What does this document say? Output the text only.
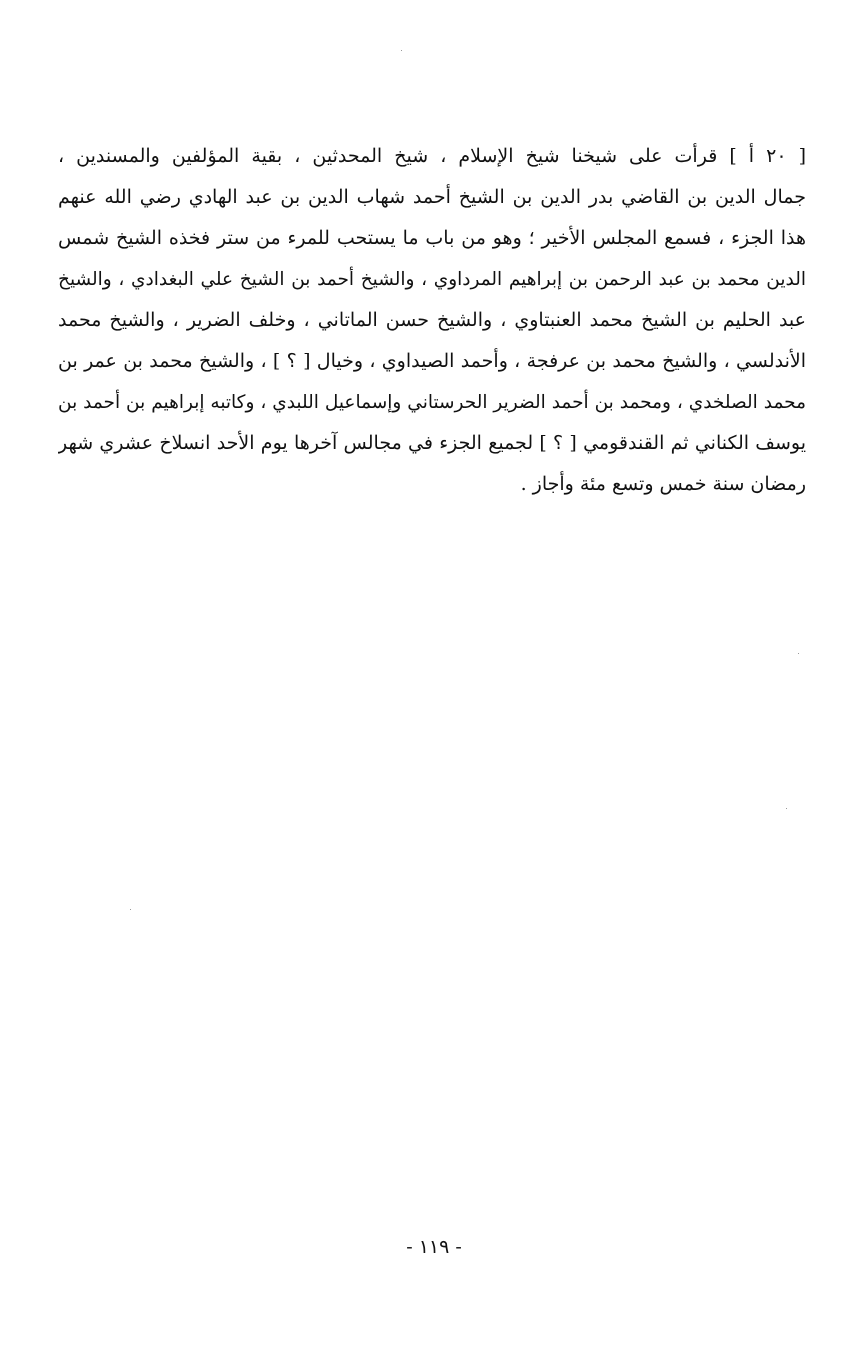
[ ٢٠ أ ] قرأت على شيخنا شيخ الإسلام ، شيخ المحدثين ، بقية المؤلفين والمسندين ،
جمال الدين بن القاضي بدر الدين بن الشيخ أحمد شهاب الدين بن عبد الهادي رضي الله عنهم
هذا الجزء ، فسمع المجلس الأخير ؛ وهو من باب ما يستحب للمرء من ستر فخذه الشيخ شمس
الدين محمد بن عبد الرحمن بن إبراهيم المرداوي ، والشيخ أحمد بن الشيخ علي البغدادي ، والشيخ
عبد الحليم بن الشيخ محمد العنبتاوي ، والشيخ حسن الماتاني ، وخلف الضرير ، والشيخ محمد
الأندلسي ، والشيخ محمد بن عرفجة ، وأحمد الصيداوي ، وخيال [ ؟ ] ، والشيخ محمد بن عمر بن
محمد الصلخدي ، ومحمد بن أحمد الضرير الحرستاني وإسماعيل اللبدي ، وكاتبه إبراهيم بن أحمد بن
يوسف الكناني ثم القندقومي [ ؟ ] لجميع الجزء في مجالس آخرها يوم الأحد انسلاخ عشري شهر
رمضان سنة خمس وتسع مئة وأجاز .
- ١١٩ -
